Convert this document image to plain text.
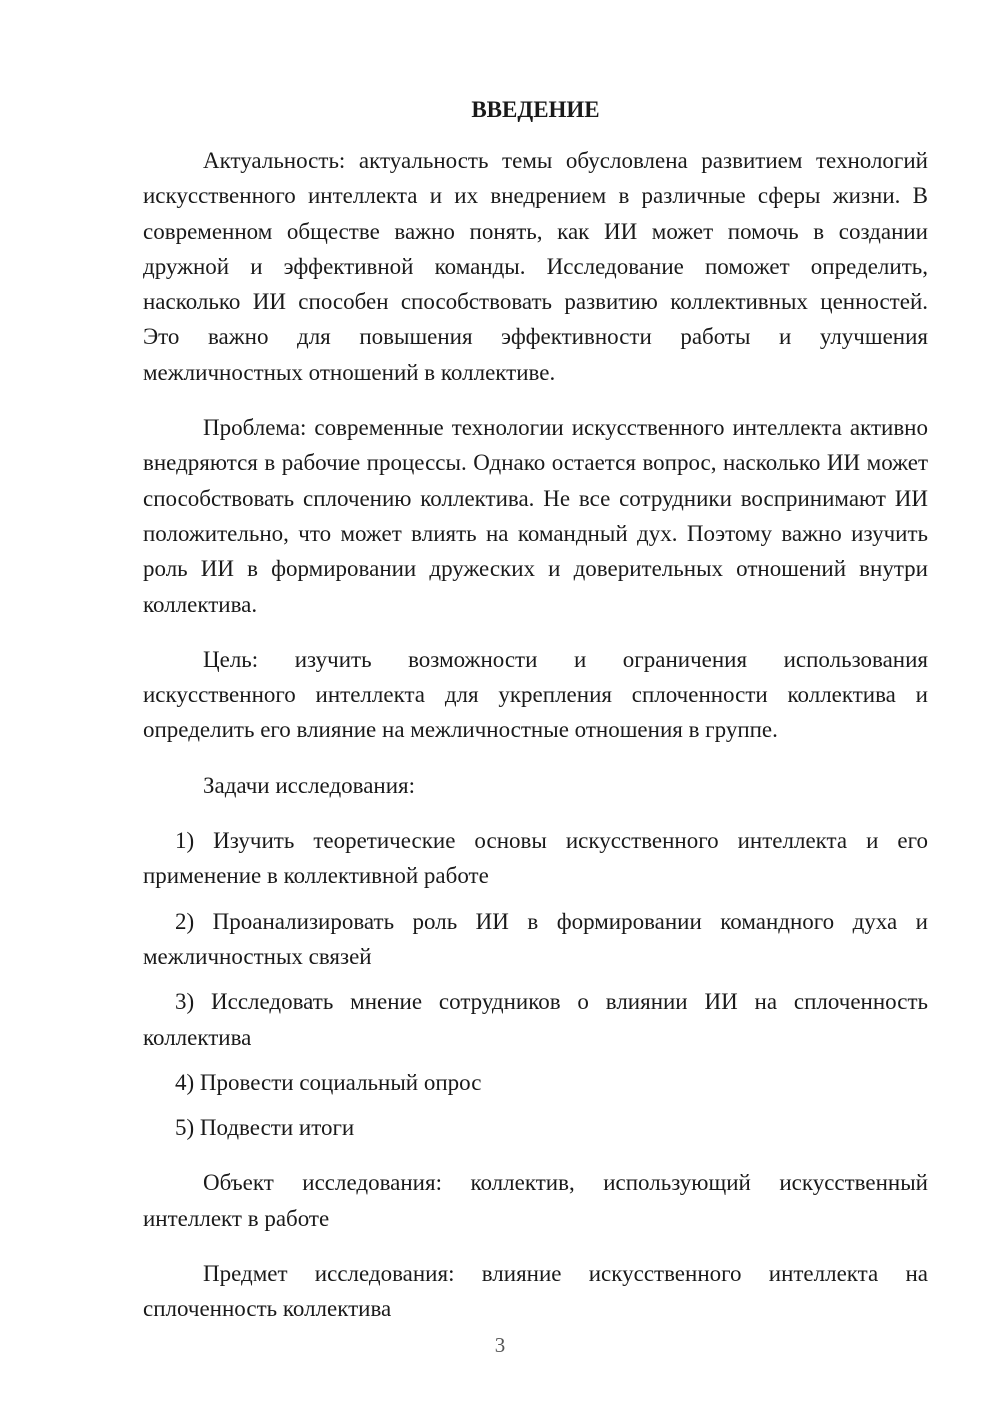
ВВЕДЕНИЕ

Актуальность: актуальность темы обусловлена развитием технологий искусственного интеллекта и их внедрением в различные сферы жизни. В современном обществе важно понять, как ИИ может помочь в создании дружной и эффективной команды. Исследование поможет определить, насколько ИИ способен способствовать развитию коллективных ценностей. Это важно для повышения эффективности работы и улучшения межличностных отношений в коллективе.

Проблема: современные технологии искусственного интеллекта активно внедряются в рабочие процессы. Однако остается вопрос, насколько ИИ может способствовать сплочению коллектива. Не все сотрудники воспринимают ИИ положительно, что может влиять на командный дух. Поэтому важно изучить роль ИИ в формировании дружеских и доверительных отношений внутри коллектива.

Цель: изучить возможности и ограничения использования искусственного интеллекта для укрепления сплоченности коллектива и определить его влияние на межличностные отношения в группе.

Задачи исследования:

1) Изучить теоретические основы искусственного интеллекта и его применение в коллективной работе

2) Проанализировать роль ИИ в формировании командного духа и межличностных связей

3) Исследовать мнение сотрудников о влиянии ИИ на сплоченность коллектива

4) Провести социальный опрос

5) Подвести итоги

Объект исследования: коллектив, использующий искусственный интеллект в работе

Предмет исследования: влияние искусственного интеллекта на сплоченность коллектива

3
